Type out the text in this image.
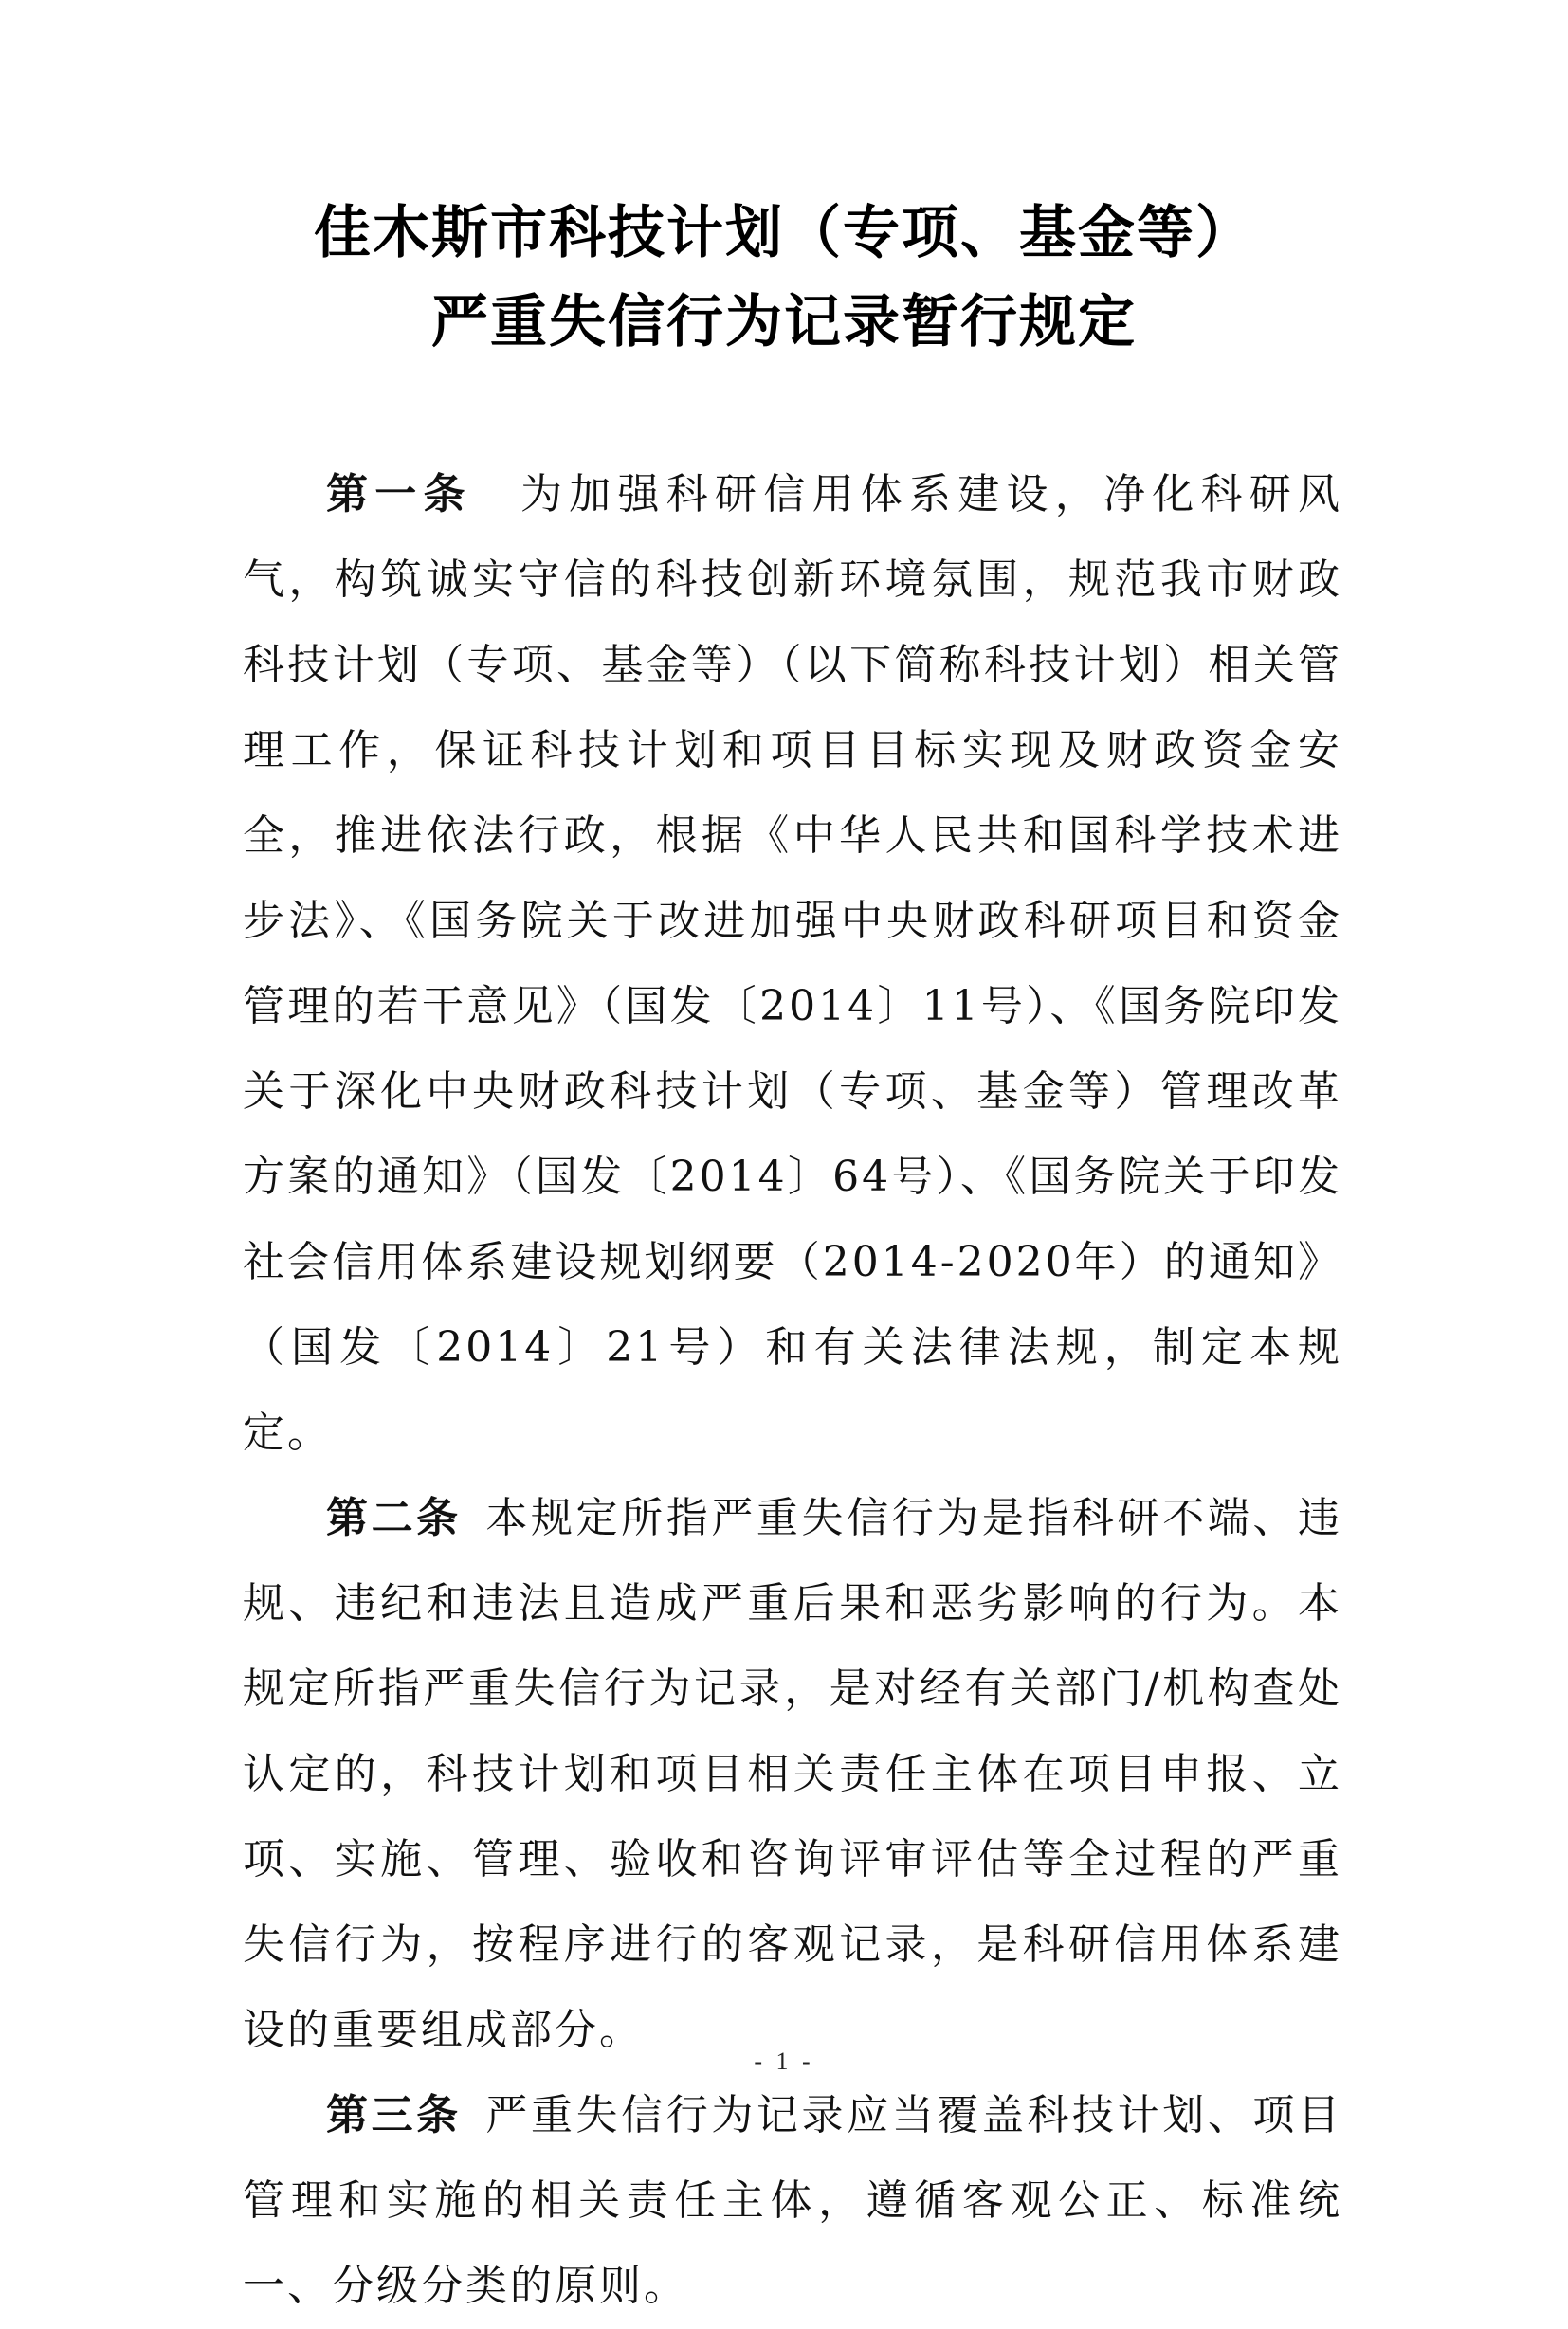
佳木斯市科技计划（专项、基金等）
严重失信行为记录暂行规定

第一条  为加强科研信用体系建设，净化科研风气，构筑诚实守信的科技创新环境氛围，规范我市财政科技计划（专项、基金等）（以下简称科技计划）相关管理工作，保证科技计划和项目目标实现及财政资金安全，推进依法行政，根据《中华人民共和国科学技术进步法》、《国务院关于改进加强中央财政科研项目和资金管理的若干意见》（国发〔2014〕11号）、《国务院印发关于深化中央财政科技计划（专项、基金等）管理改革方案的通知》（国发〔2014〕64号）、《国务院关于印发社会信用体系建设规划纲要（2014-2020年）的通知》（国发〔2014〕21号）和有关法律法规，制定本规定。

第二条  本规定所指严重失信行为是指科研不端、违规、违纪和违法且造成严重后果和恶劣影响的行为。本规定所指严重失信行为记录，是对经有关部门/机构查处认定的，科技计划和项目相关责任主体在项目申报、立项、实施、管理、验收和咨询评审评估等全过程的严重失信行为，按程序进行的客观记录，是科研信用体系建设的重要组成部分。

第三条  严重失信行为记录应当覆盖科技计划、项目管理和实施的相关责任主体，遵循客观公正、标准统一、分级分类的原则。

- 1 -
